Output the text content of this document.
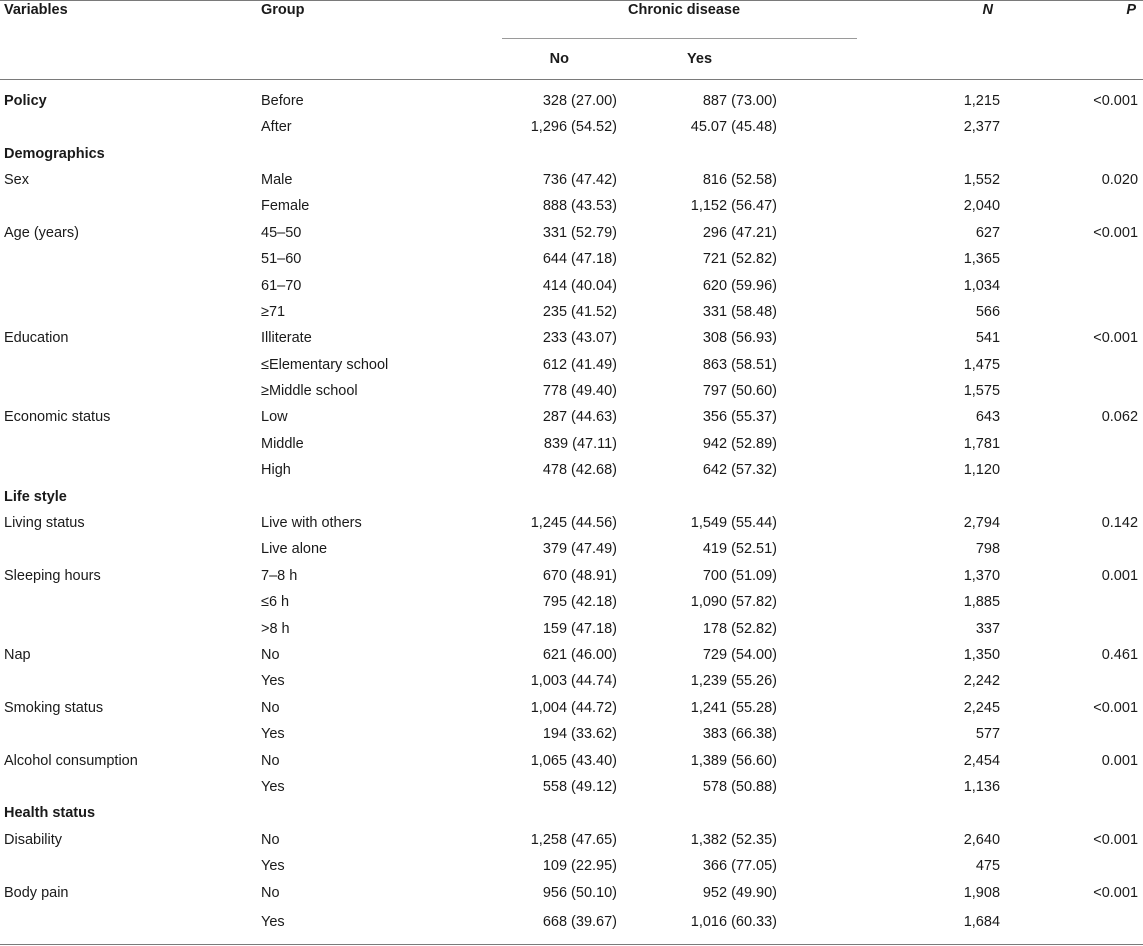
Variables	Group	Chronic disease		N	P
		No	Yes		
Policy	Before	328 (27.00)	887 (73.00)	1,215	<0.001
	After	1,296 (54.52)	45.07 (45.48)	2,377	
Demographics					
Sex	Male	736 (47.42)	816 (52.58)	1,552	0.020
	Female	888 (43.53)	1,152 (56.47)	2,040	
Age (years)	45–50	331 (52.79)	296 (47.21)	627	<0.001
	51–60	644 (47.18)	721 (52.82)	1,365	
	61–70	414 (40.04)	620 (59.96)	1,034	
	≥71	235 (41.52)	331 (58.48)	566	
Education	Illiterate	233 (43.07)	308 (56.93)	541	<0.001
	≤Elementary school	612 (41.49)	863 (58.51)	1,475	
	≥Middle school	778 (49.40)	797 (50.60)	1,575	
Economic status	Low	287 (44.63)	356 (55.37)	643	0.062
	Middle	839 (47.11)	942 (52.89)	1,781	
	High	478 (42.68)	642 (57.32)	1,120	
Life style					
Living status	Live with others	1,245 (44.56)	1,549 (55.44)	2,794	0.142
	Live alone	379 (47.49)	419 (52.51)	798	
Sleeping hours	7–8 h	670 (48.91)	700 (51.09)	1,370	0.001
	≤6 h	795 (42.18)	1,090 (57.82)	1,885	
	>8 h	159 (47.18)	178 (52.82)	337	
Nap	No	621 (46.00)	729 (54.00)	1,350	0.461
	Yes	1,003 (44.74)	1,239 (55.26)	2,242	
Smoking status	No	1,004 (44.72)	1,241 (55.28)	2,245	<0.001
	Yes	194 (33.62)	383 (66.38)	577	
Alcohol consumption	No	1,065 (43.40)	1,389 (56.60)	2,454	0.001
	Yes	558 (49.12)	578 (50.88)	1,136	
Health status					
Disability	No	1,258 (47.65)	1,382 (52.35)	2,640	<0.001
	Yes	109 (22.95)	366 (77.05)	475	
Body pain	No	956 (50.10)	952 (49.90)	1,908	<0.001
	Yes	668 (39.67)	1,016 (60.33)	1,684	
